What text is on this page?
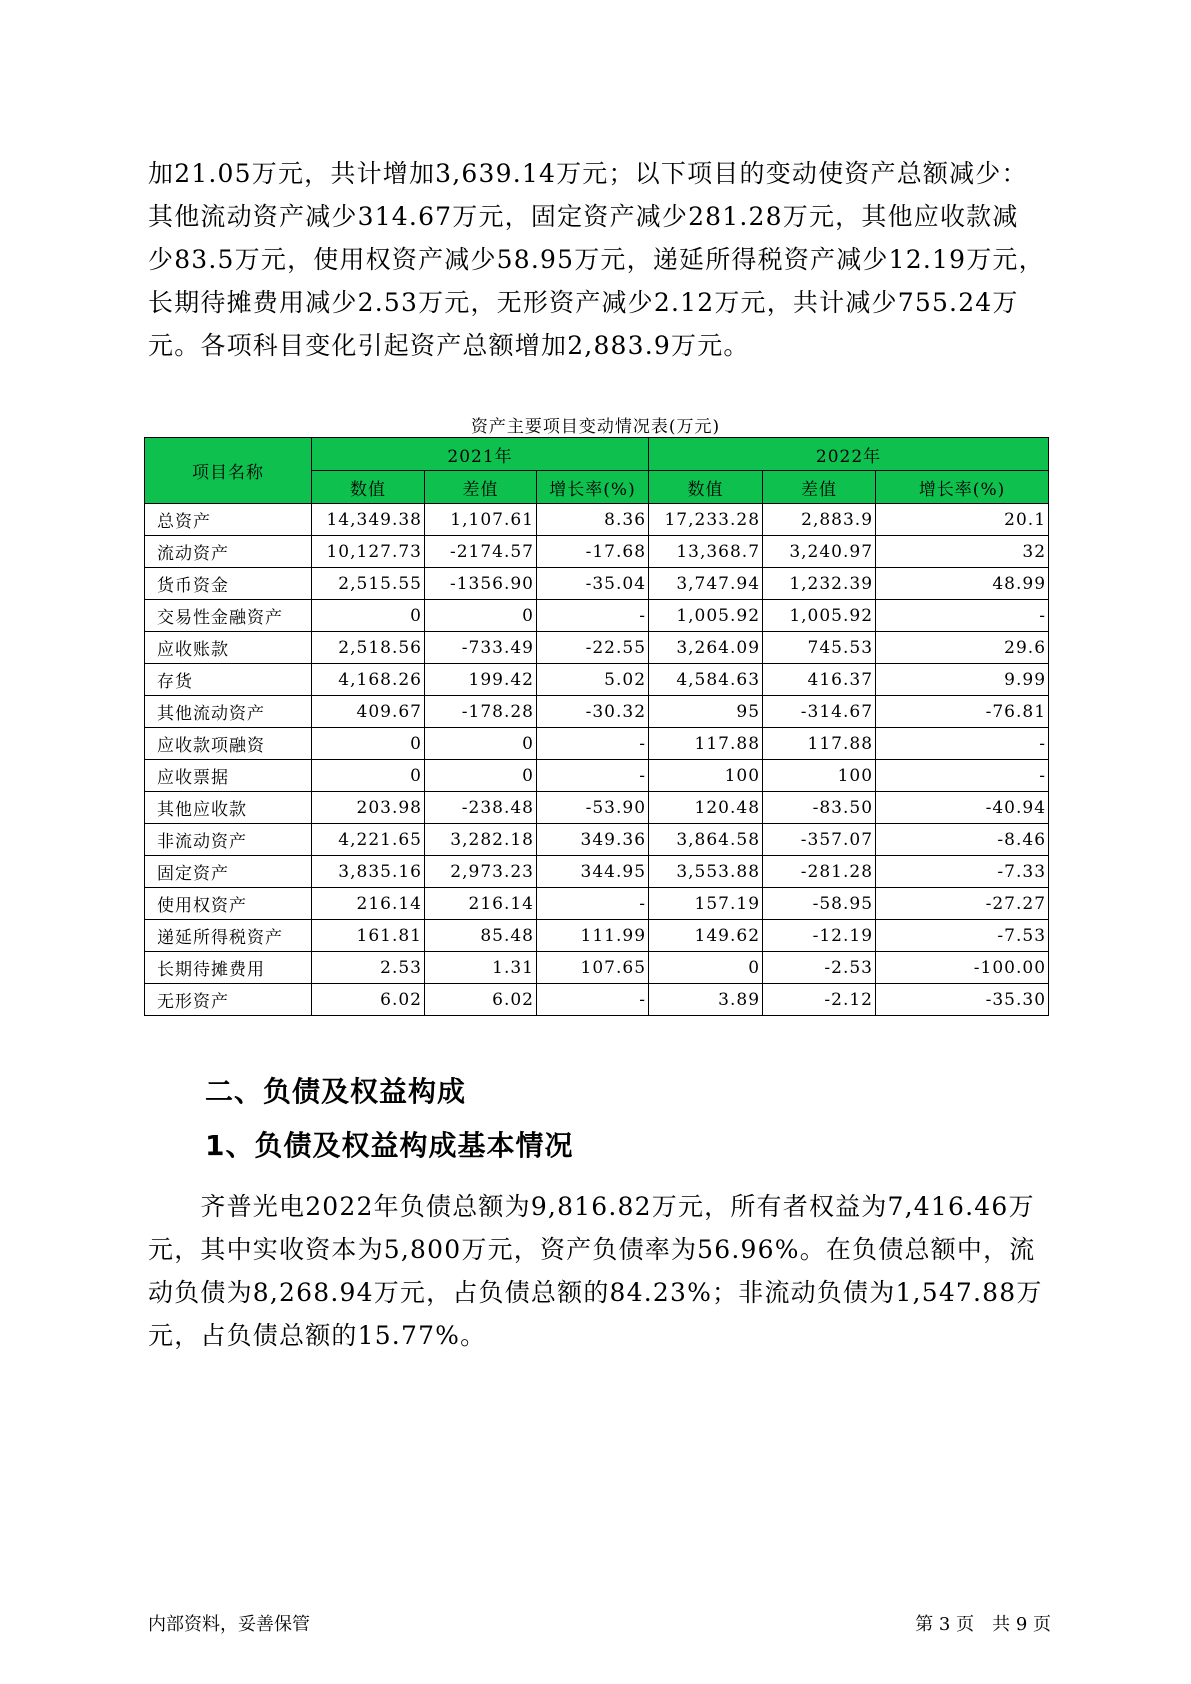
加21.05万元，共计增加3,639.14万元；以下项目的变动使资产总额减少：

其他流动资产减少314.67万元，固定资产减少281.28万元，其他应收款减

少83.5万元，使用权资产减少58.95万元，递延所得税资产减少12.19万元，

长期待摊费用减少2.53万元，无形资产减少2.12万元，共计减少755.24万

元。各项科目变化引起资产总额增加2,883.9万元。

资产主要项目变动情况表(万元)
项目名称	2021年			2022年		
	数值	差值	增长率(%)	数值	差值	增长率(%)
总资产	14,349.38	1,107.61	8.36	17,233.28	2,883.9	20.1
流动资产	10,127.73	-2174.57	-17.68	13,368.7	3,240.97	32
货币资金	2,515.55	-1356.90	-35.04	3,747.94	1,232.39	48.99
交易性金融资产	0	0	-	1,005.92	1,005.92	-
应收账款	2,518.56	-733.49	-22.55	3,264.09	745.53	29.6
存货	4,168.26	199.42	5.02	4,584.63	416.37	9.99
其他流动资产	409.67	-178.28	-30.32	95	-314.67	-76.81
应收款项融资	0	0	-	117.88	117.88	-
应收票据	0	0	-	100	100	-
其他应收款	203.98	-238.48	-53.90	120.48	-83.50	-40.94
非流动资产	4,221.65	3,282.18	349.36	3,864.58	-357.07	-8.46
固定资产	3,835.16	2,973.23	344.95	3,553.88	-281.28	-7.33
使用权资产	216.14	216.14	-	157.19	-58.95	-27.27
递延所得税资产	161.81	85.48	111.99	149.62	-12.19	-7.53
长期待摊费用	2.53	1.31	107.65	0	-2.53	-100.00
无形资产	6.02	6.02	-	3.89	-2.12	-35.30
二、负债及权益构成
1、负债及权益构成基本情况

　　齐普光电2022年负债总额为9,816.82万元，所有者权益为7,416.46万

元，其中实收资本为5,800万元，资产负债率为56.96%。在负债总额中，流

动负债为8,268.94万元，占负债总额的84.23%；非流动负债为1,547.88万

元，占负债总额的15.77%。

内部资料，妥善保管	第 3 页　共 9 页
